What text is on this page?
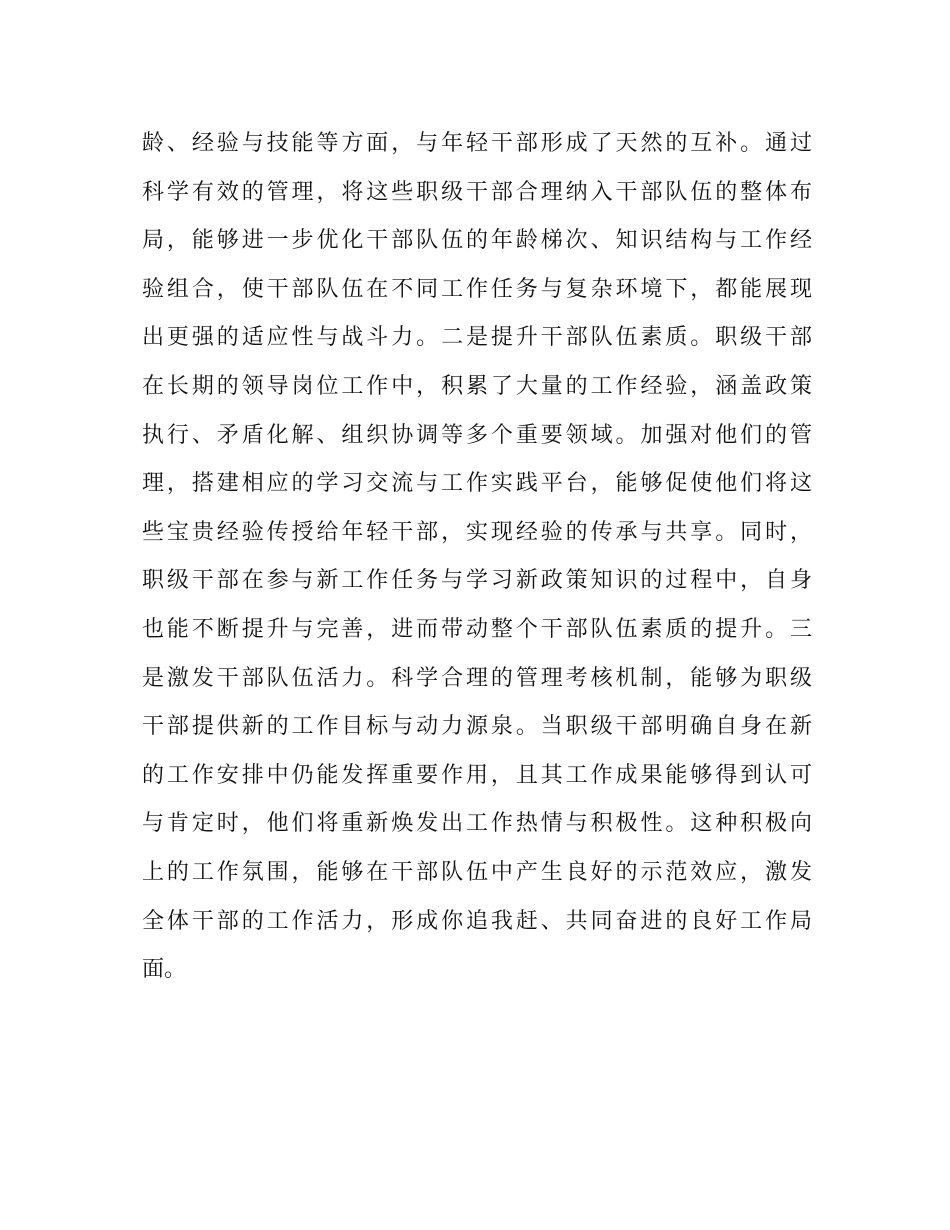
龄、经验与技能等方面，与年轻干部形成了天然的互补。通过
科学有效的管理，将这些职级干部合理纳入干部队伍的整体布
局，能够进一步优化干部队伍的年龄梯次、知识结构与工作经
验组合，使干部队伍在不同工作任务与复杂环境下，都能展现
出更强的适应性与战斗力。二是提升干部队伍素质。职级干部
在长期的领导岗位工作中，积累了大量的工作经验，涵盖政策
执行、矛盾化解、组织协调等多个重要领域。加强对他们的管
理，搭建相应的学习交流与工作实践平台，能够促使他们将这
些宝贵经验传授给年轻干部，实现经验的传承与共享。同时，
职级干部在参与新工作任务与学习新政策知识的过程中，自身
也能不断提升与完善，进而带动整个干部队伍素质的提升。三
是激发干部队伍活力。科学合理的管理考核机制，能够为职级
干部提供新的工作目标与动力源泉。当职级干部明确自身在新
的工作安排中仍能发挥重要作用，且其工作成果能够得到认可
与肯定时，他们将重新焕发出工作热情与积极性。这种积极向
上的工作氛围，能够在干部队伍中产生良好的示范效应，激发
全体干部的工作活力，形成你追我赶、共同奋进的良好工作局
面。
